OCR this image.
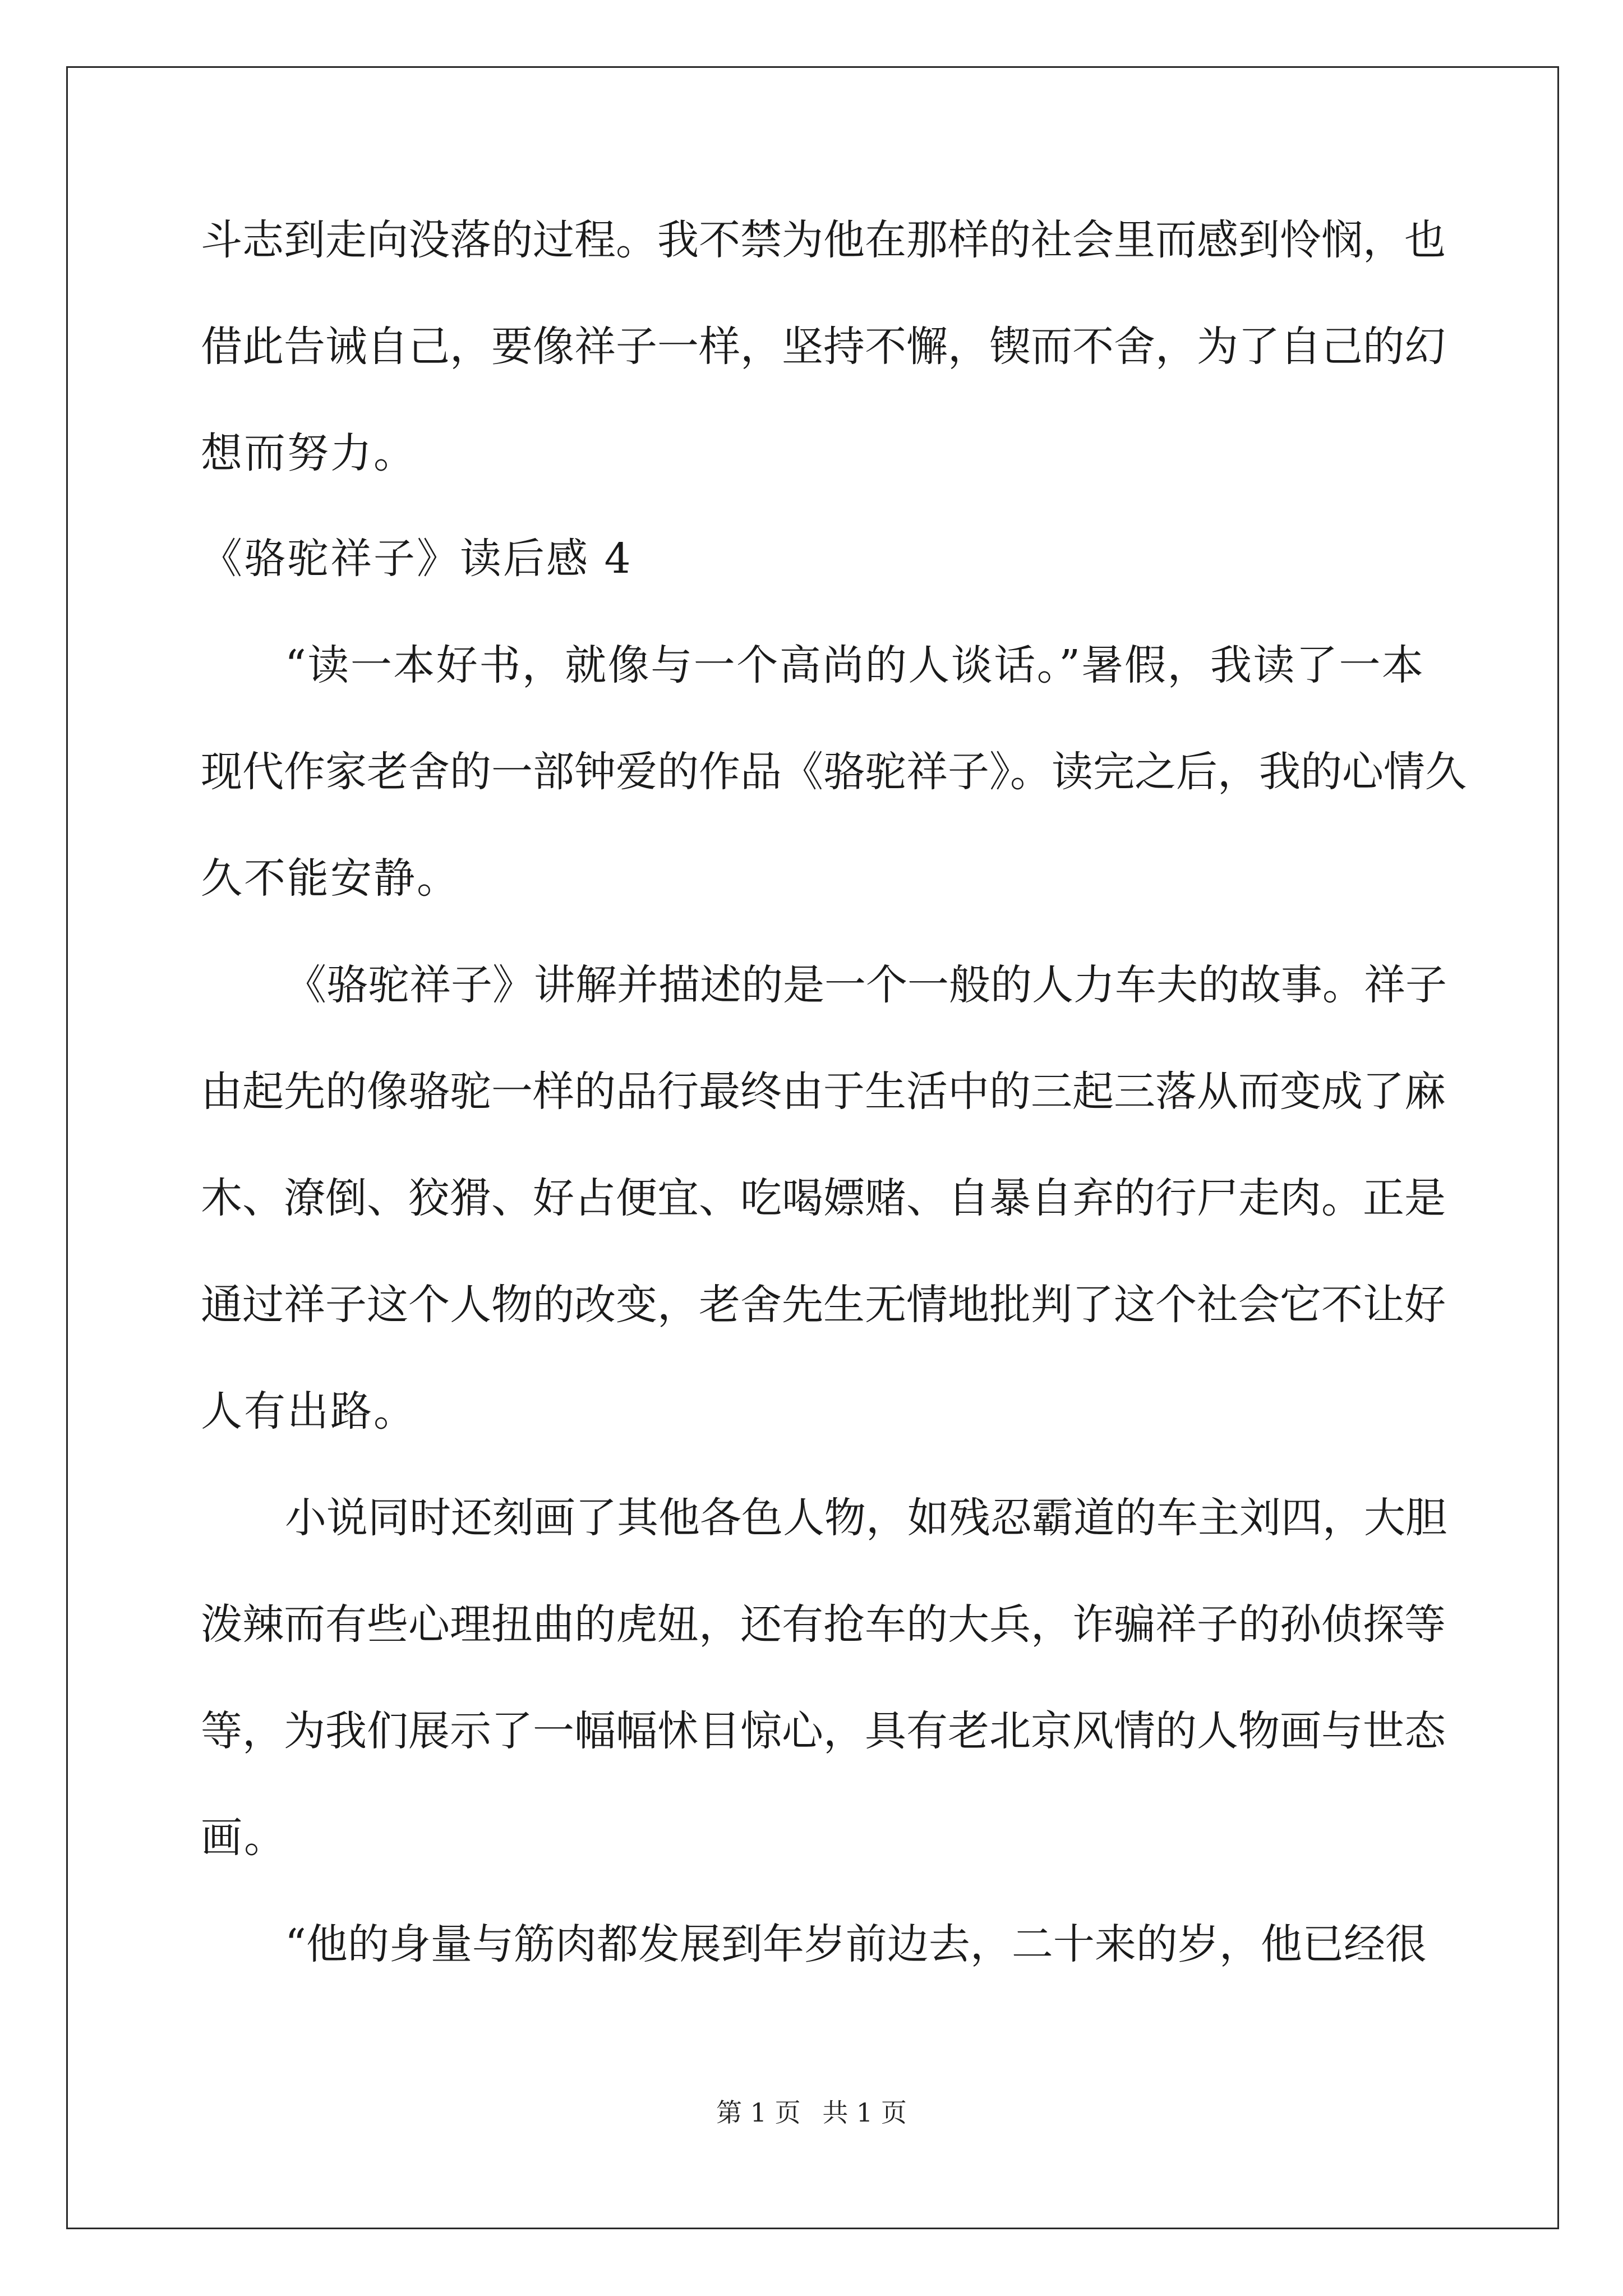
斗志到走向没落的过程。我不禁为他在那样的社会里而感到怜悯，也
借此告诫自己，要像祥子一样，坚持不懈，锲而不舍，为了自己的幻
想而努力。
《骆驼祥子》读后感 4
“读一本好书，就像与一个高尚的人谈话。”暑假，我读了一本
现代作家老舍的一部钟爱的作品《骆驼祥子》。读完之后，我的心情久
久不能安静。
《骆驼祥子》讲解并描述的是一个一般的人力车夫的故事。祥子
由起先的像骆驼一样的品行最终由于生活中的三起三落从而变成了麻
木、潦倒、狡猾、好占便宜、吃喝嫖赌、自暴自弃的行尸走肉。正是
通过祥子这个人物的改变，老舍先生无情地批判了这个社会它不让好
人有出路。
小说同时还刻画了其他各色人物，如残忍霸道的车主刘四，大胆
泼辣而有些心理扭曲的虎妞，还有抢车的大兵，诈骗祥子的孙侦探等
等，为我们展示了一幅幅怵目惊心，具有老北京风情的人物画与世态
画。
“他的身量与筋肉都发展到年岁前边去，二十来的岁，他已经很
第 1 页 共 1 页
